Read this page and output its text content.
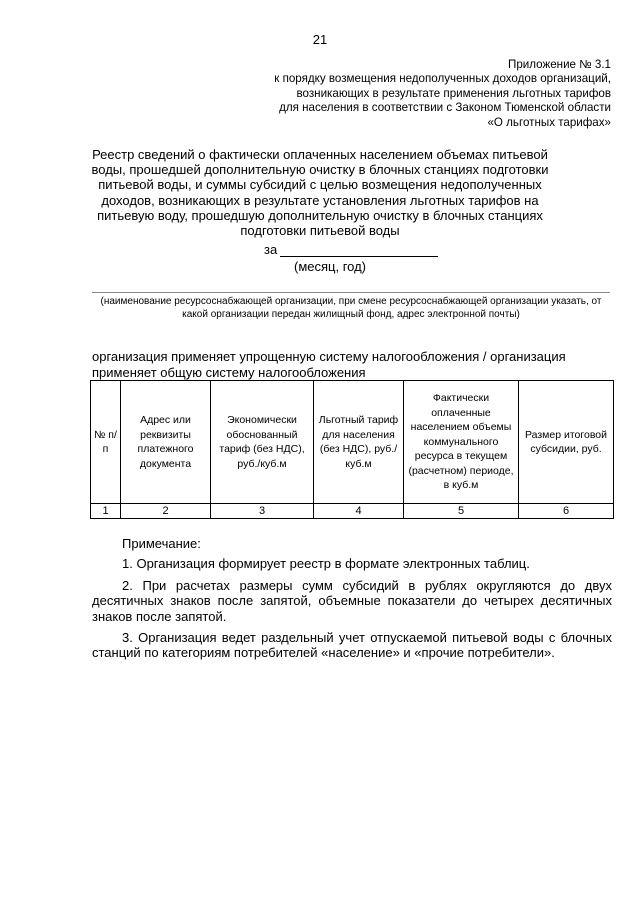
21
Приложение № 3.1
к порядку возмещения недополученных доходов организаций,
возникающих в результате применения льготных тарифов
для населения в соответствии с Законом Тюменской области
«О льготных тарифах»
Реестр сведений о фактически оплаченных населением объемах питьевой
воды, прошедшей дополнительную очистку в блочных станциях подготовки
питьевой воды, и суммы субсидий с целью возмещения недополученных
доходов, возникающих в результате установления льготных тарифов на
питьевую воду, прошедшую дополнительную очистку в блочных станциях
подготовки питьевой воды
за
(месяц, год)
(наименование ресурсоснабжающей организации, при смене ресурсоснабжающей организации указать, от какой организации передан жилищный фонд, адрес электронной почты)
организация применяет упрощенную систему налогообложения / организация
применяет общую систему налогообложения
№ п/п	Адрес или реквизиты платежного документа	Экономически обоснованный тариф (без НДС), руб./куб.м	Льготный тариф для населения (без НДС), руб./куб.м	Фактически оплаченные населением объемы коммунального ресурса в текущем (расчетном) периоде, в куб.м	Размер итоговой субсидии, руб.
1	2	3	4	5	6
Примечание:
1. Организация формирует реестр в формате электронных таблиц.
2. При расчетах размеры сумм субсидий в рублях округляются до двух десятичных знаков после запятой, объемные показатели до четырех десятичных знаков после запятой.
3. Организация ведет раздельный учет отпускаемой питьевой воды с блочных станций по категориям потребителей «население» и «прочие потребители».
